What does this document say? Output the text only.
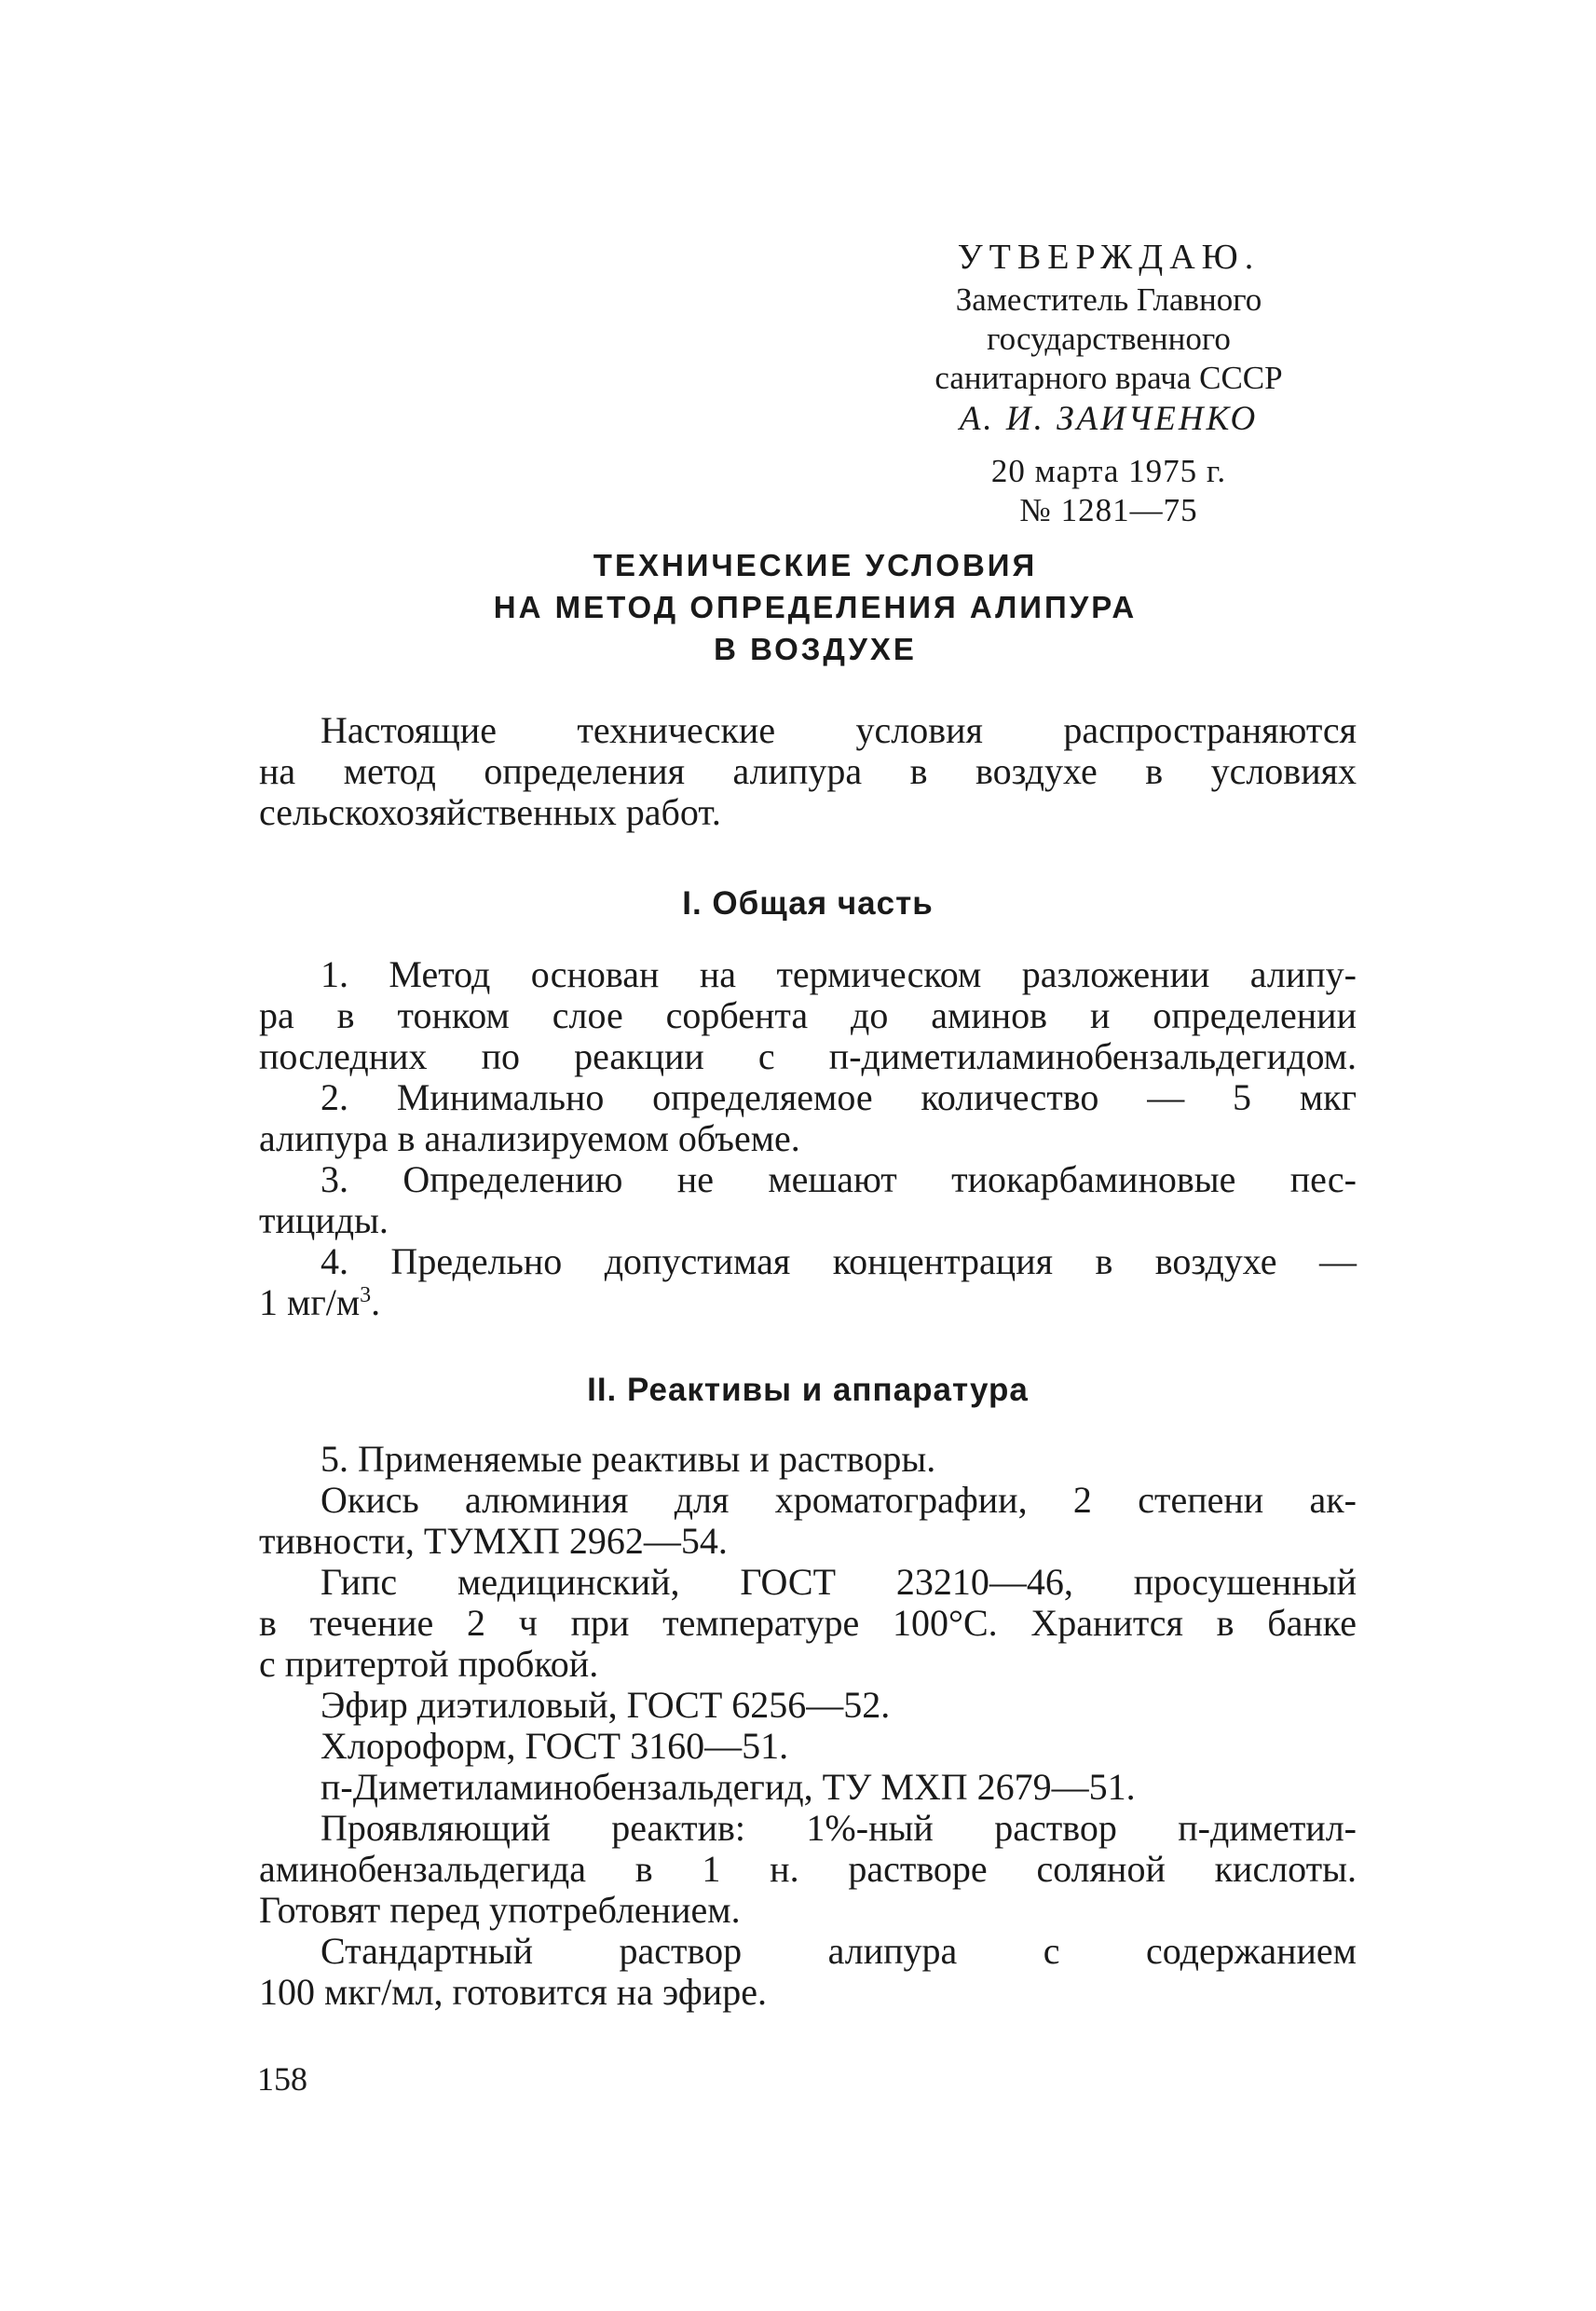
УТВЕРЖДАЮ.
Заместитель Главного
государственного
санитарного врача СССР
А. И. ЗАИЧЕНКО
20 марта 1975 г.
№ 1281—75
ТЕХНИЧЕСКИЕ УСЛОВИЯ
НА МЕТОД ОПРЕДЕЛЕНИЯ АЛИПУРА
В ВОЗДУХЕ
Настоящие технические условия распространяются
на метод определения алипура в воздухе в условиях
сельскохозяйственных работ.
I. Общая часть
1. Метод основан на термическом разложении алипу-
ра в тонком слое сорбента до аминов и определении
последних по реакции с п-диметиламинобензальдегидом.
2. Минимально определяемое количество — 5 мкг
алипура в анализируемом объеме.
3. Определению не мешают тиокарбаминовые пес-
тициды.
4. Предельно допустимая концентрация в воздухе —
1 $мг/м^3$.
II. Реактивы и аппаратура
5. Применяемые реактивы и растворы.
Окись алюминия для хроматографии, 2 степени ак-
тивности, ТУМХП 2962—54.
Гипс медицинский, ГОСТ 23210—46, просушенный
в течение 2 ч при температуре 100°С. Хранится в банке
с притертой пробкой.
Эфир диэтиловый, ГОСТ 6256—52.
Хлороформ, ГОСТ 3160—51.
п-Диметиламинобензальдегид, ТУ МХП 2679—51.
Проявляющий реактив: 1%-ный раствор п-диметил-
аминобензальдегида в 1 н. растворе соляной кислоты.
Готовят перед употреблением.
Стандартный раствор алипура с содержанием
100 мкг/мл, готовится на эфире.
158
